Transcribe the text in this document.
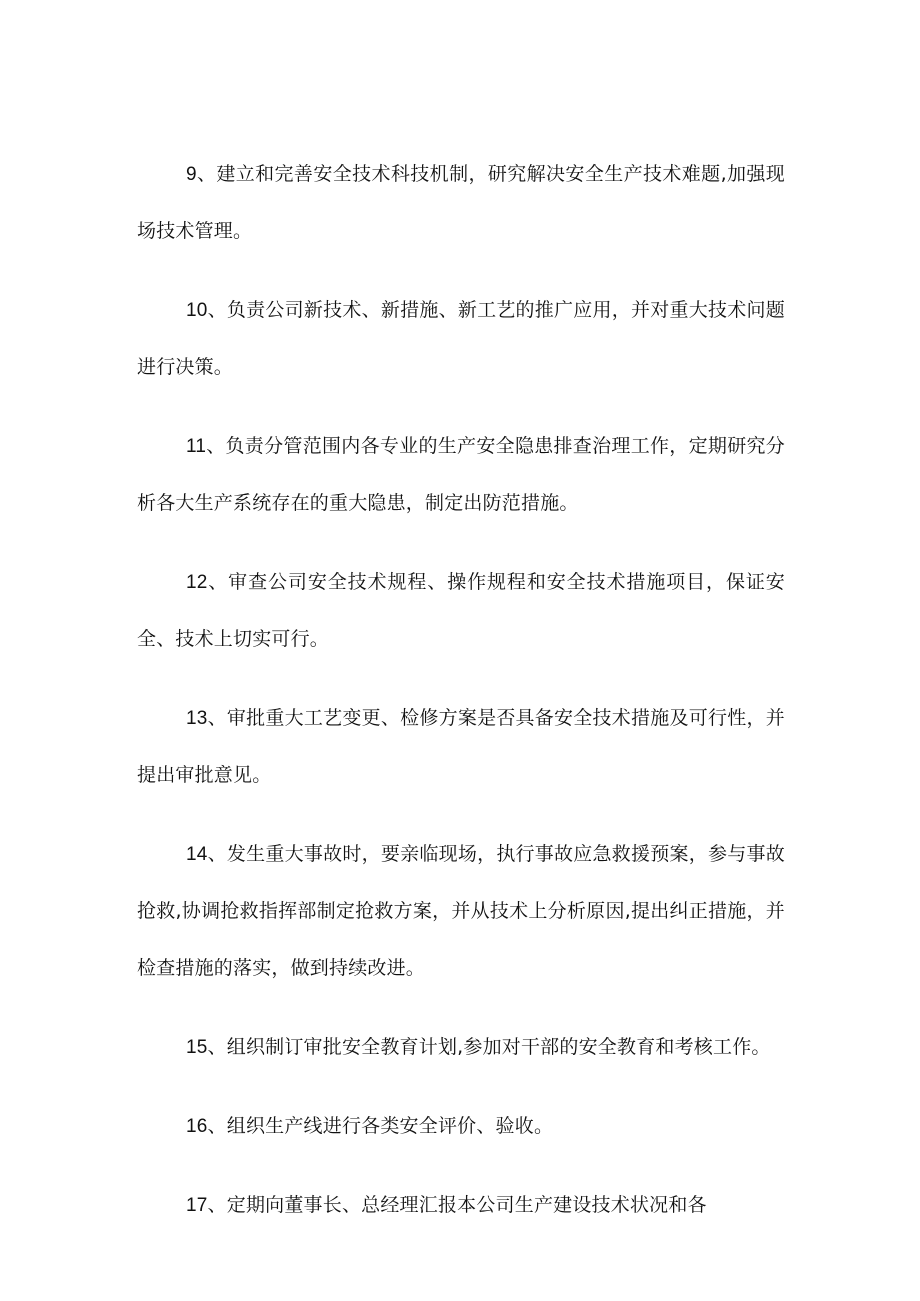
9、建立和完善安全技术科技机制，研究解决安全生产技术难题,加强现场技术管理。

10、负责公司新技术、新措施、新工艺的推广应用，并对重大技术问题进行决策。

11、负责分管范围内各专业的生产安全隐患排查治理工作，定期研究分析各大生产系统存在的重大隐患，制定出防范措施。

12、审查公司安全技术规程、操作规程和安全技术措施项目，保证安全、技术上切实可行。

13、审批重大工艺变更、检修方案是否具备安全技术措施及可行性，并提出审批意见。

14、发生重大事故时，要亲临现场，执行事故应急救援预案，参与事故抢救,协调抢救指挥部制定抢救方案，并从技术上分析原因,提出纠正措施，并检查措施的落实，做到持续改进。

15、组织制订审批安全教育计划,参加对干部的安全教育和考核工作。

16、组织生产线进行各类安全评价、验收。

17、定期向董事长、总经理汇报本公司生产建设技术状况和各
